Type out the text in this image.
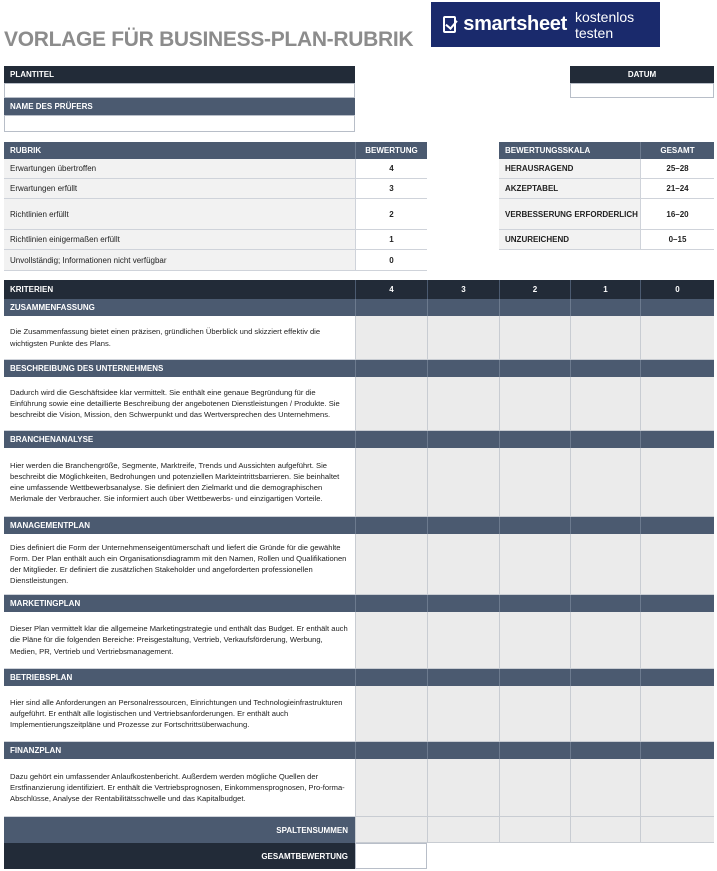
VORLAGE FÜR BUSINESS-PLAN-RUBRIK
smartsheet kostenlos testen
PLANTITEL
NAME DES PRÜFERS
DATUM
RUBRIK	BEWERTUNG
Erwartungen übertroffen	4
Erwartungen erfüllt	3
Richtlinien erfüllt	2
Richtlinien einigermaßen erfüllt	1
Unvollständig; Informationen nicht verfügbar	0
BEWERTUNGSSKALA	GESAMT
HERAUSRAGEND	25–28
AKZEPTABEL	21–24
VERBESSERUNG ERFORDERLICH	16–20
UNZUREICHEND	0–15
KRITERIEN	4	3	2	1	0
ZUSAMMENFASSUNG
Die Zusammenfassung bietet einen präzisen, gründlichen Überblick und skizziert effektiv die wichtigsten Punkte des Plans.
BESCHREIBUNG DES UNTERNEHMENS
Dadurch wird die Geschäftsidee klar vermittelt. Sie enthält eine genaue Begründung für die Einführung sowie eine detaillierte Beschreibung der angebotenen Dienstleistungen / Produkte. Sie beschreibt die Vision, Mission, den Schwerpunkt und das Wertversprechen des Unternehmens.
BRANCHENANALYSE
Hier werden die Branchengröße, Segmente, Marktreife, Trends und Aussichten aufgeführt. Sie beschreibt die Möglichkeiten, Bedrohungen und potenziellen Markteintrittsbarrieren. Sie beinhaltet eine umfassende Wettbewerbsanalyse. Sie definiert den Zielmarkt und die demographischen Merkmale der Verbraucher. Sie informiert auch über Wettbewerbs- und einzigartigen Vorteile.
MANAGEMENTPLAN
Dies definiert die Form der Unternehmenseigentümerschaft und liefert die Gründe für die gewählte Form. Der Plan enthält auch ein Organisationsdiagramm mit den Namen, Rollen und Qualifikationen der Mitglieder. Er definiert die zusätzlichen Stakeholder und angeforderten professionellen Dienstleistungen.
MARKETINGPLAN
Dieser Plan vermittelt klar die allgemeine Marketingstrategie und enthält das Budget. Er enthält auch die Pläne für die folgenden Bereiche: Preisgestaltung, Vertrieb, Verkaufsförderung, Werbung, Medien, PR, Vertrieb und Vertriebsmanagement.
BETRIEBSPLAN
Hier sind alle Anforderungen an Personalressourcen, Einrichtungen und Technologieinfrastrukturen aufgeführt. Er enthält alle logistischen und Vertriebsanforderungen. Er enthält auch Implementierungszeitpläne und Prozesse zur Fortschrittsüberwachung.
FINANZPLAN
Dazu gehört ein umfassender Anlaufkostenbericht. Außerdem werden mögliche Quellen der Erstfinanzierung identifiziert. Er enthält die Vertriebsprognosen, Einkommensprognosen, Pro-forma-Abschlüsse, Analyse der Rentabilitätsschwelle und das Kapitalbudget.
SPALTENSUMMEN
GESAMTBEWERTUNG
